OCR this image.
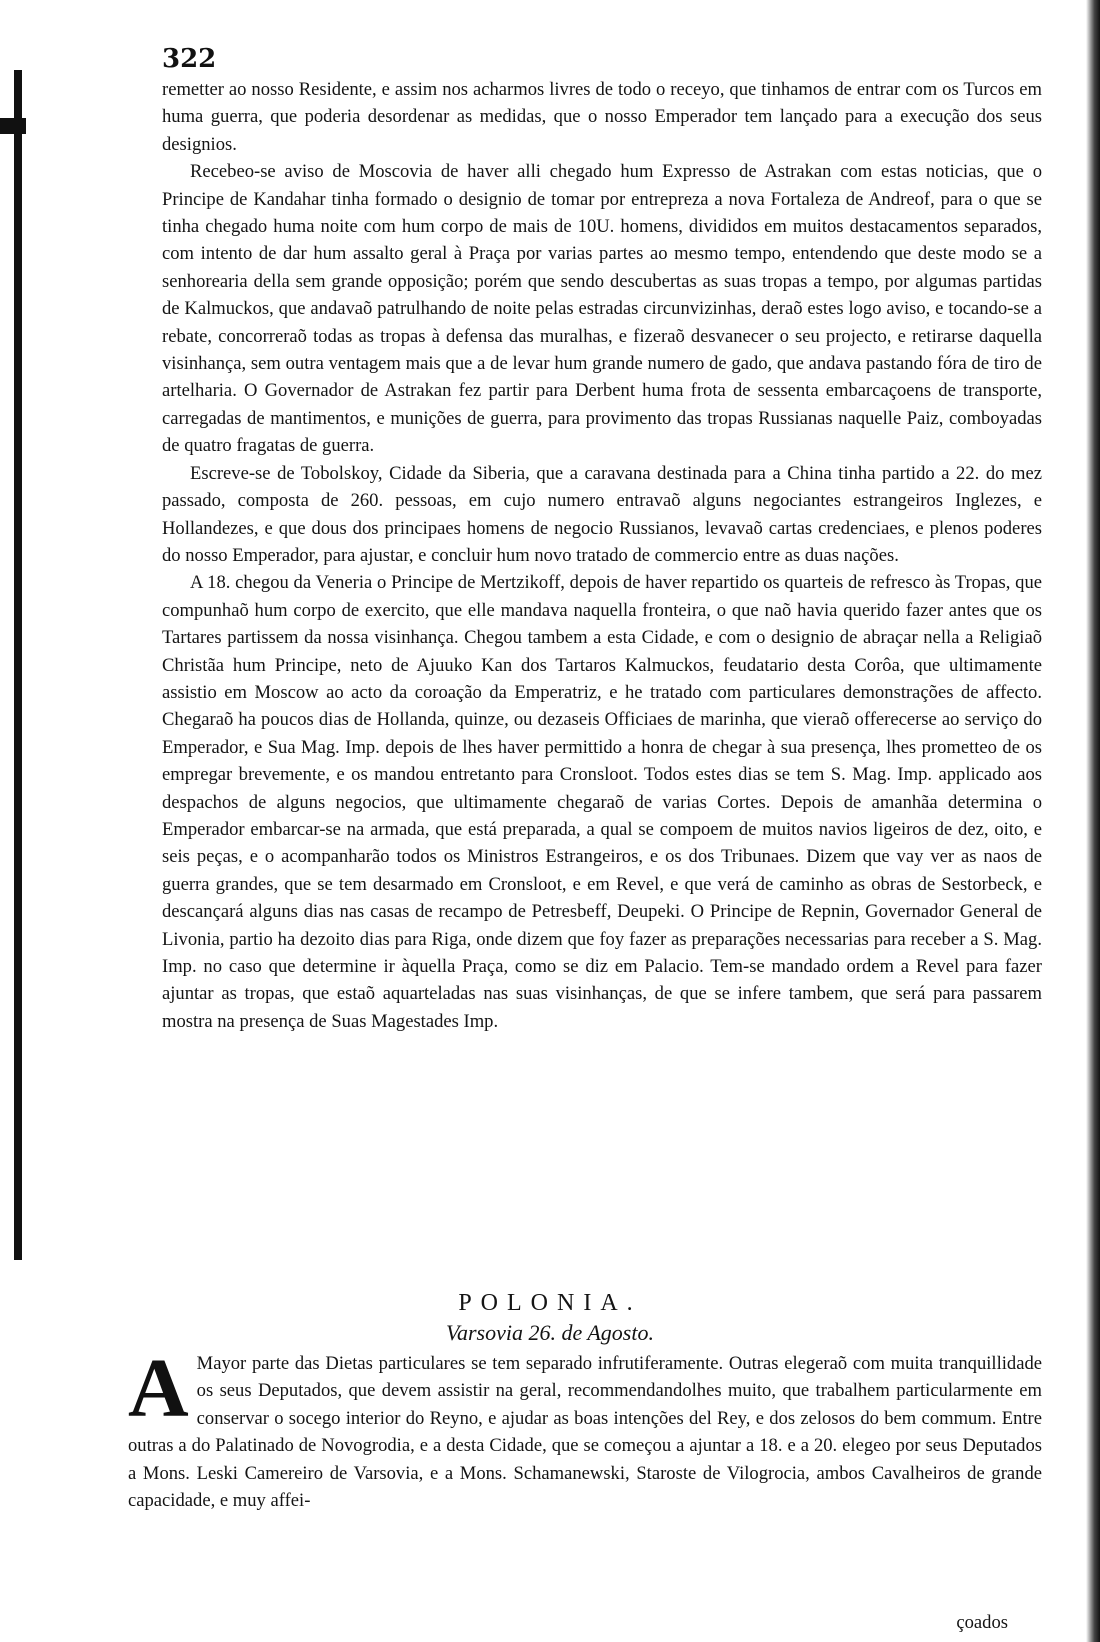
322

remetter ao nosso Residente, e assim nos acharmos livres de todo o receyo, que tinhamos de entrar com os Turcos em huma guerra, que poderia desordenar as medidas, que o nosso Emperador tem lançado para a execução dos seus designios.

Recebeo-se aviso de Moscovia de haver alli chegado hum Expresso de Astrakan com estas noticias, que o Principe de Kandahar tinha formado o designio de tomar por entrepreza a nova Fortaleza de Andreof, para o que se tinha chegado huma noite com hum corpo de mais de 10U. homens, divididos em muitos destacamentos separados, com intento de dar hum assalto geral à Praça por varias partes ao mesmo tempo, entendendo que deste modo se a senhorearia della sem grande opposição; porém que sendo descubertas as suas tropas a tempo, por algumas partidas de Kalmuckos, que andavaõ patrulhando de noite pelas estradas circunvizinhas, deraõ estes logo aviso, e tocando-se a rebate, concorreraõ todas as tropas à defensa das muralhas, e fizeraõ desvanecer o seu projecto, e retirarse daquella visinhança, sem outra ventagem mais que a de levar hum grande numero de gado, que andava pastando fóra de tiro de artelharia. O Governador de Astrakan fez partir para Derbent huma frota de sessenta embarcaçoens de transporte, carregadas de mantimentos, e munições de guerra, para provimento das tropas Russianas naquelle Paiz, comboyadas de quatro fragatas de guerra.

Escreve-se de Tobolskoy, Cidade da Siberia, que a caravana destinada para a China tinha partido a 22. do mez passado, composta de 260. pessoas, em cujo numero entravaõ alguns negociantes estrangeiros Inglezes, e Hollandezes, e que dous dos principaes homens de negocio Russianos, levavaõ cartas credenciaes, e plenos poderes do nosso Emperador, para ajustar, e concluir hum novo tratado de commercio entre as duas nações.

A 18. chegou da Veneria o Principe de Mertzikoff, depois de haver repartido os quarteis de refresco às Tropas, que compunhaõ hum corpo de exercito, que elle mandava naquella fronteira, o que naõ havia querido fazer antes que os Tartares partissem da nossa visinhança. Chegou tambem a esta Cidade, e com o designio de abraçar nella a Religiaõ Christãa hum Principe, neto de Ajuuko Kan dos Tartaros Kalmuckos, feudatario desta Corôa, que ultimamente assistio em Moscow ao acto da coroação da Emperatriz, e he tratado com particulares demonstrações de affecto. Chegaraõ ha poucos dias de Hollanda, quinze, ou dezaseis Officiaes de marinha, que vieraõ offerecerse ao serviço do Emperador, e Sua Mag. Imp. depois de lhes haver permittido a honra de chegar à sua presença, lhes prometteo de os empregar brevemente, e os mandou entretanto para Cronsloot. Todos estes dias se tem S. Mag. Imp. applicado aos despachos de alguns negocios, que ultimamente chegaraõ de varias Cortes. Depois de amanhãa determina o Emperador embarcar-se na armada, que está preparada, a qual se compoem de muitos navios ligeiros de dez, oito, e seis peças, e o acompanharão todos os Ministros Estrangeiros, e os dos Tribunaes. Dizem que vay ver as naos de guerra grandes, que se tem desarmado em Cronsloot, e em Revel, e que verá de caminho as obras de Sestorbeck, e descançará alguns dias nas casas de recampo de Petresbeff, Deupeki. O Principe de Repnin, Governador General de Livonia, partio ha dezoito dias para Riga, onde dizem que foy fazer as preparações necessarias para receber a S. Mag. Imp. no caso que determine ir àquella Praça, como se diz em Palacio. Tem-se mandado ordem a Revel para fazer ajuntar as tropas, que estaõ aquarteladas nas suas visinhanças, de que se infere tambem, que será para passarem mostra na presença de Suas Magestades Imp.

POLONIA.
Varsovia 26. de Agosto.
A Mayor parte das Dietas particulares se tem separado infrutiferamente. Outras elegeraõ com muita tranquillidade os seus Deputados, que devem assistir na geral, recommendandolhes muito, que trabalhem particularmente em conservar o socego interior do Reyno, e ajudar as boas intenções del Rey, e dos zelosos do bem commum. Entre outras a do Palatinado de Novogrodia, e a desta Cidade, que se começou a ajuntar a 18. e a 20. elegeo por seus Deputados a Mons. Leski Camereiro de Varsovia, e a Mons. Schamanewski, Staroste de Vilogrocia, ambos Cavalheiros de grande capacidade, e muy affei-
çoados
